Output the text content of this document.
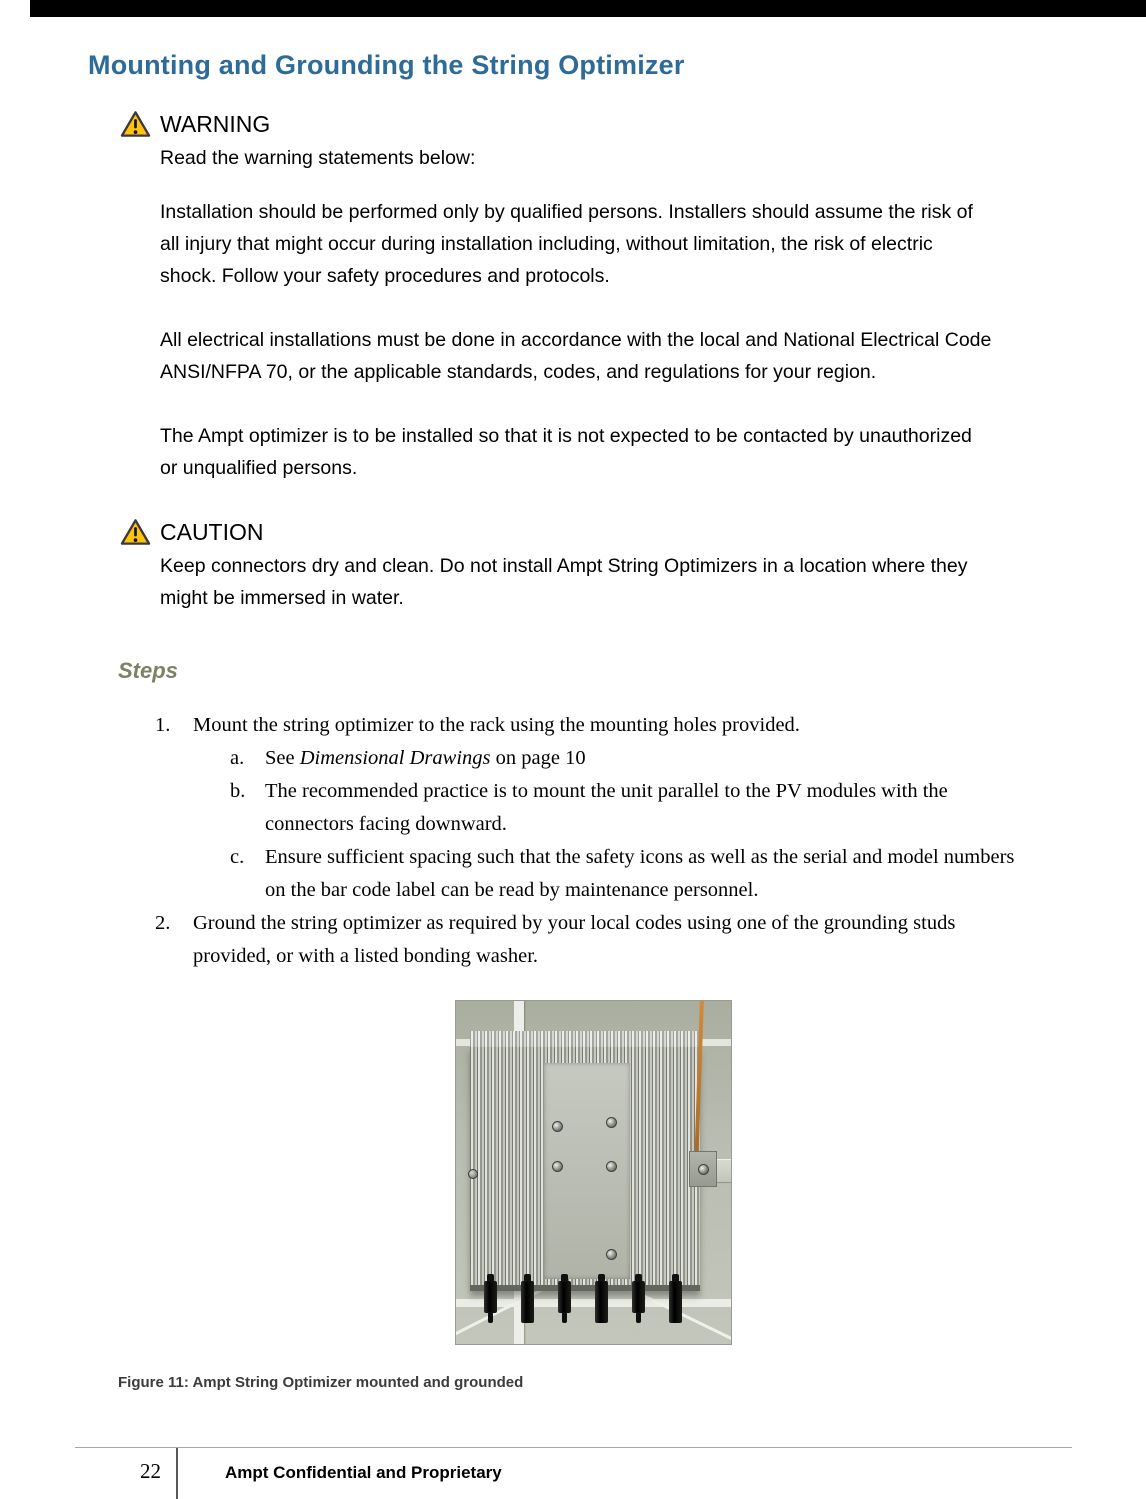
Mounting and Grounding the String Optimizer
WARNING

Read the warning statements below:

Installation should be performed only by qualified persons. Installers should assume the risk of all injury that might occur during installation including, without limitation, the risk of electric shock. Follow your safety procedures and protocols.

All electrical installations must be done in accordance with the local and National Electrical Code ANSI/NFPA 70, or the applicable standards, codes, and regulations for your region.

The Ampt optimizer is to be installed so that it is not expected to be contacted by unauthorized or unqualified persons.

CAUTION

Keep connectors dry and clean. Do not install Ampt String Optimizers in a location where they might be immersed in water.

Steps
1.	Mount the string optimizer to the rack using the mounting holes provided.
a.	See Dimensional Drawings on page 10
b. The recommended practice is to mount the unit parallel to the PV modules with the connectors facing downward.
c.	Ensure sufficient spacing such that the safety icons as well as the serial and model numbers on the bar code label can be read by maintenance personnel.
2.	Ground the string optimizer as required by your local codes using one of the grounding studs provided, or with a listed bonding washer.

Figure 11: Ampt String Optimizer mounted and grounded

22	Ampt Confidential and Proprietary
